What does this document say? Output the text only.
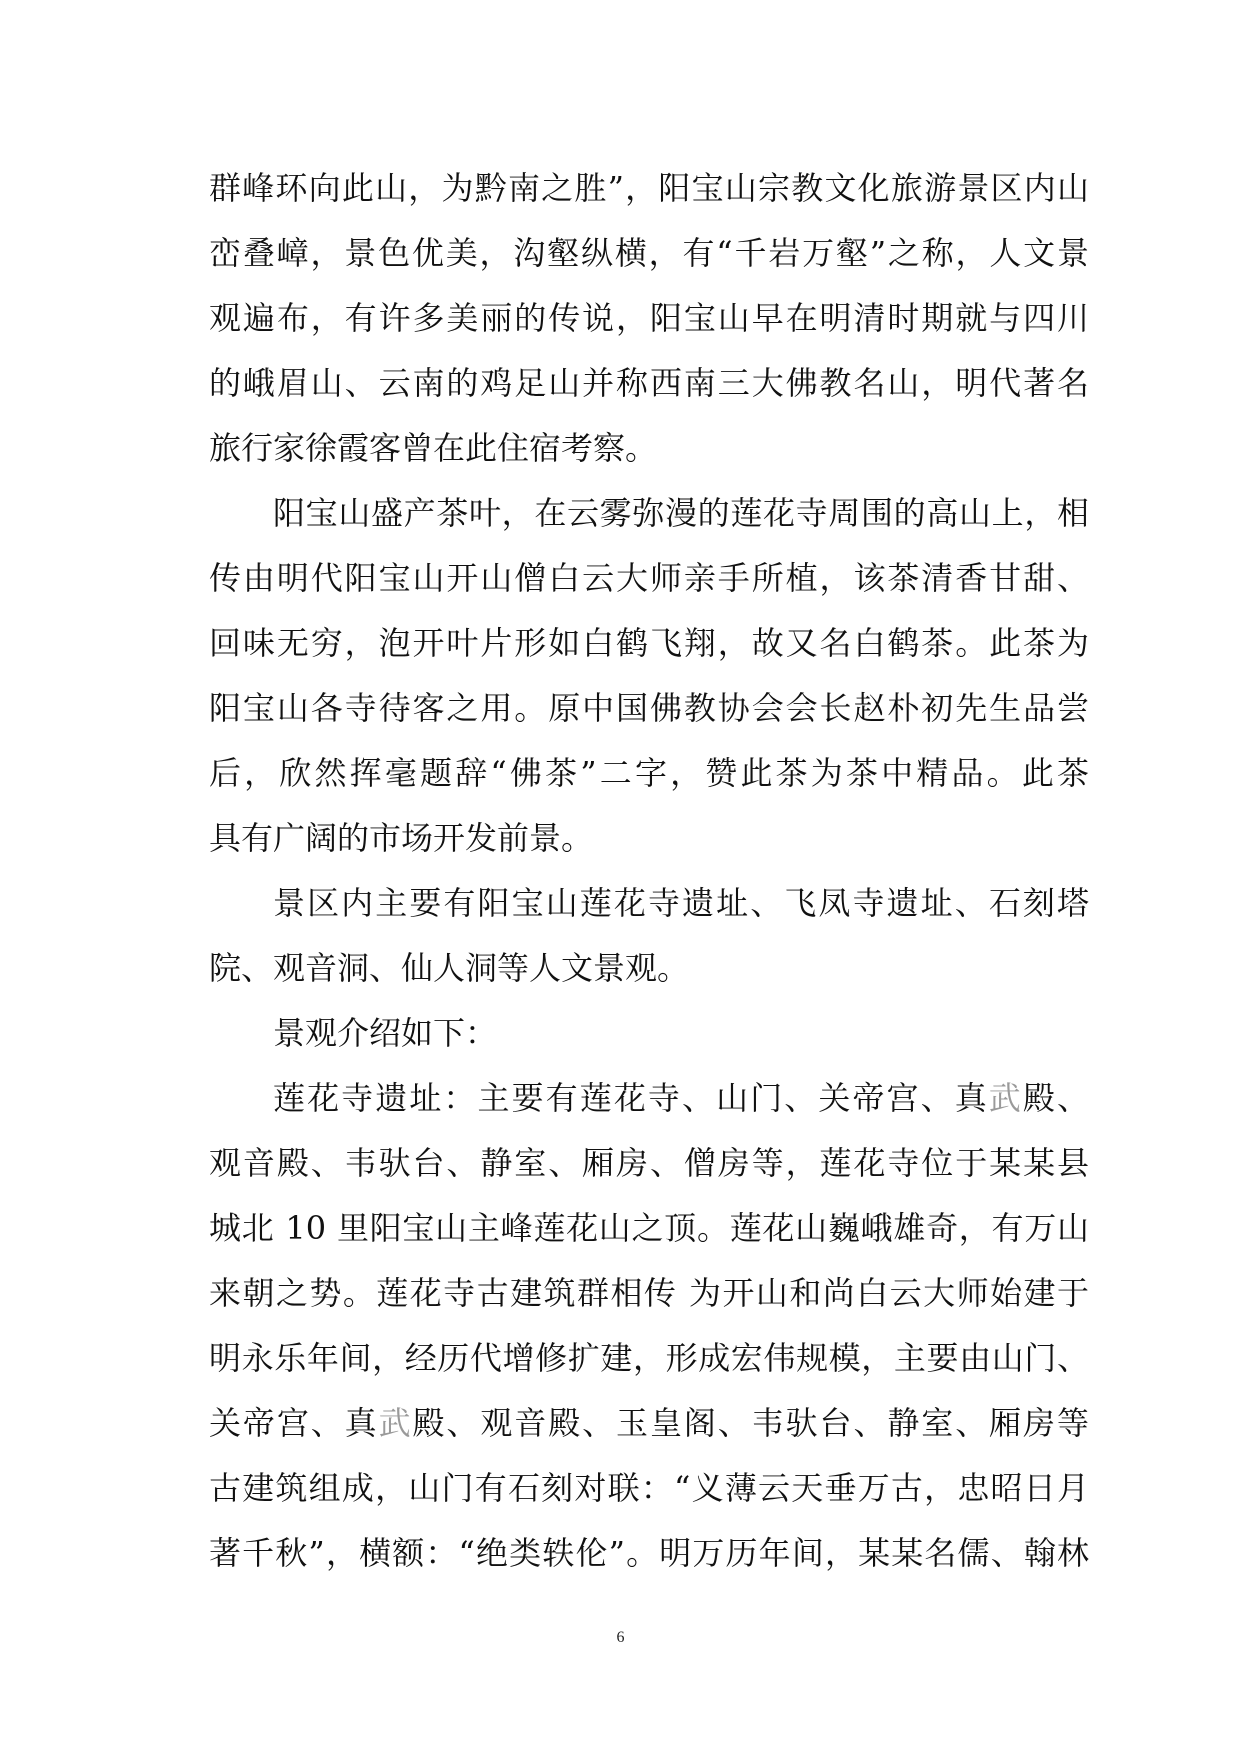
群峰环向此山，为黔南之胜”，阳宝山宗教文化旅游景区内山
峦叠嶂，景色优美，沟壑纵横，有“千岩万壑”之称，人文景
观遍布，有许多美丽的传说，阳宝山早在明清时期就与四川
的峨眉山、云南的鸡足山并称西南三大佛教名山，明代著名
旅行家徐霞客曾在此住宿考察。
阳宝山盛产茶叶，在云雾弥漫的莲花寺周围的高山上，相
传由明代阳宝山开山僧白云大师亲手所植，该茶清香甘甜、
回味无穷，泡开叶片形如白鹤飞翔，故又名白鹤茶。此茶为
阳宝山各寺待客之用。原中国佛教协会会长赵朴初先生品尝
后，欣然挥毫题辞“佛茶”二字，赞此茶为茶中精品。此茶
具有广阔的市场开发前景。
景区内主要有阳宝山莲花寺遗址、飞凤寺遗址、石刻塔
院、观音洞、仙人洞等人文景观。
景观介绍如下：
莲花寺遗址：主要有莲花寺、山门、关帝宫、真武殿、
观音殿、韦驮台、静室、厢房、僧房等，莲花寺位于某某县
城北 10 里阳宝山主峰莲花山之顶。莲花山巍峨雄奇，有万山
来朝之势。莲花寺古建筑群相传 为开山和尚白云大师始建于
明永乐年间，经历代增修扩建，形成宏伟规模，主要由山门、
关帝宫、真武殿、观音殿、玉皇阁、韦驮台、静室、厢房等
古建筑组成，山门有石刻对联：“义薄云天垂万古，忠昭日月
著千秋”，横额：“绝类轶伦”。明万历年间，某某名儒、翰林
6
